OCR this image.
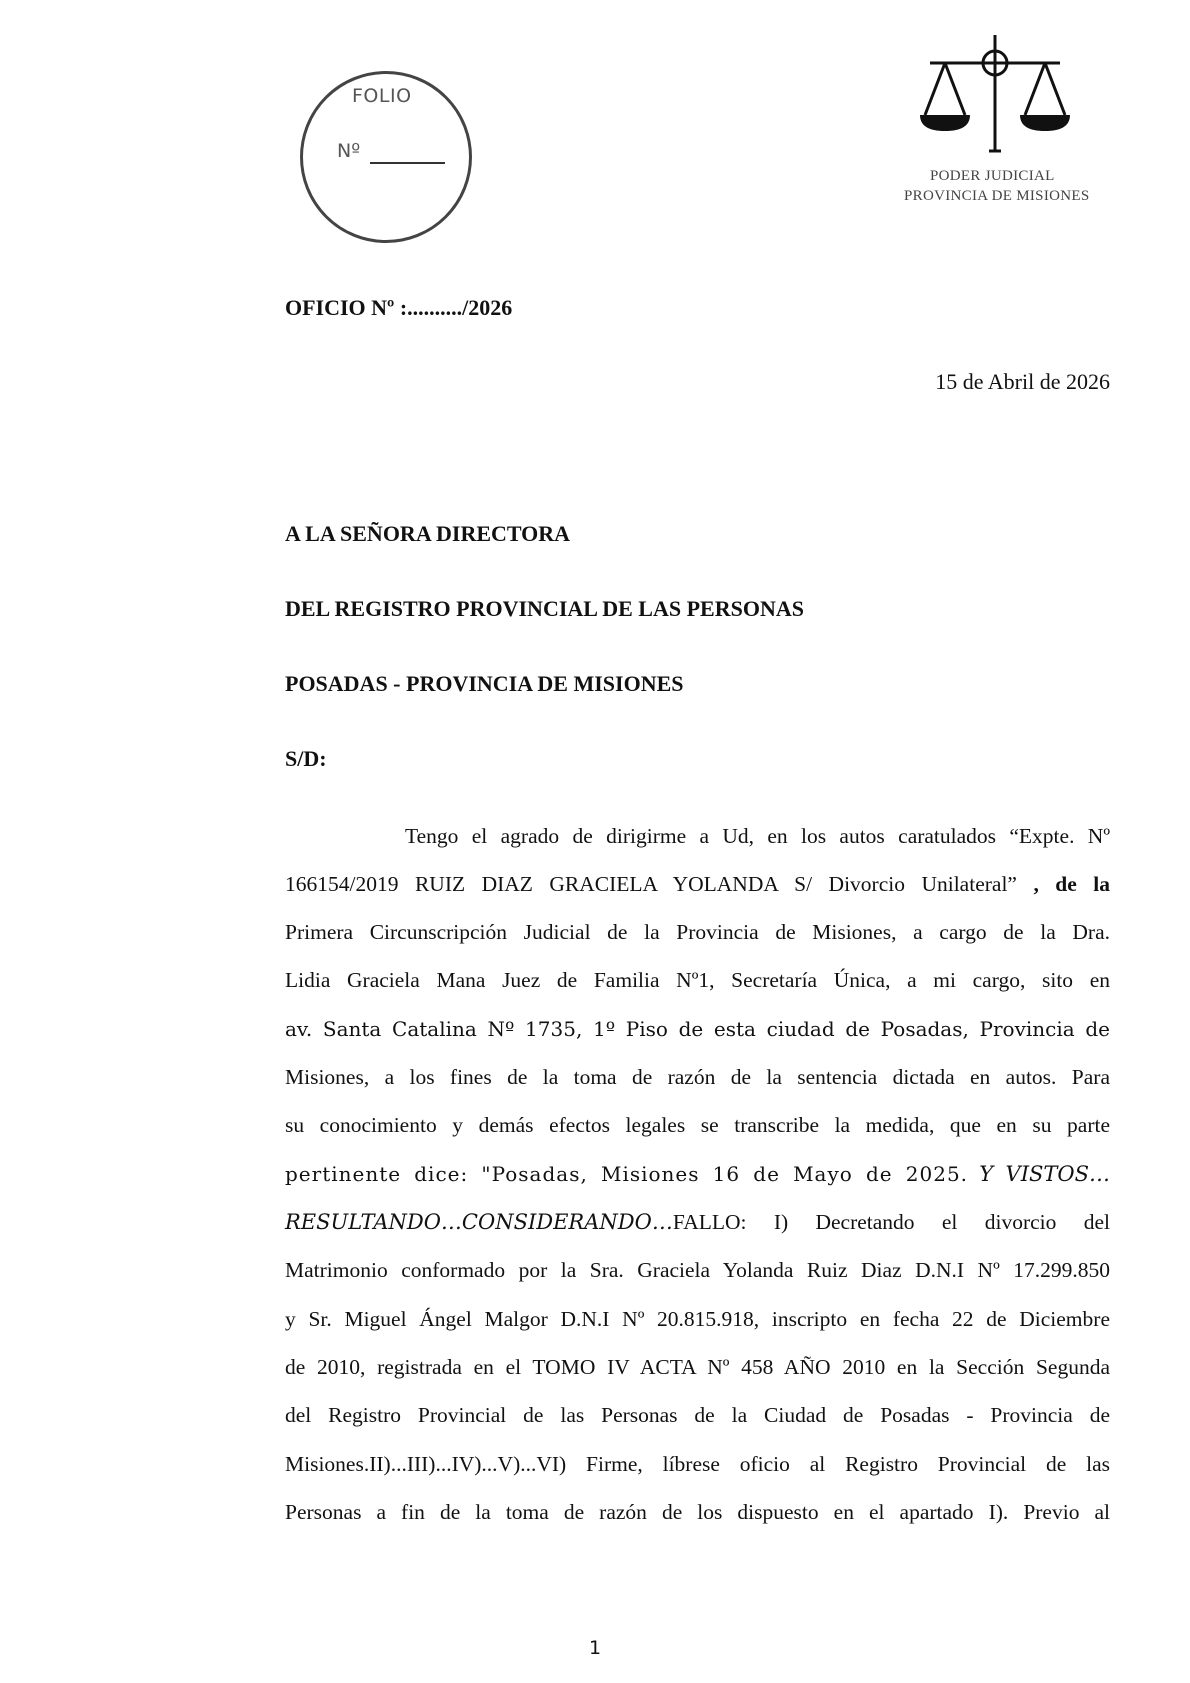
FOLIO
Nº
PODER JUDICIAL
PROVINCIA DE MISIONES
OFICIO Nº :........../2026
15 de Abril de 2026
A LA SEÑORA DIRECTORA
DEL REGISTRO PROVINCIAL DE LAS PERSONAS
POSADAS - PROVINCIA DE MISIONES
S/D:
Tengo el agrado de dirigirme a Ud, en los autos caratulados “Expte. Nº
166154/2019 RUIZ DIAZ GRACIELA YOLANDA S/ Divorcio Unilateral” , de la
Primera Circunscripción Judicial de la Provincia de Misiones, a cargo de la Dra.
Lidia Graciela Mana Juez de Familia Nº1, Secretaría Única, a mi cargo, sito en
av. Santa Catalina Nº 1735, 1º Piso de esta ciudad de Posadas, Provincia de
Misiones, a los fines de la toma de razón de la sentencia dictada en autos. Para
su conocimiento y demás efectos legales se transcribe la medida, que en su parte
pertinente dice: "Posadas, Misiones 16 de Mayo de 2025. Y VISTOS…
RESULTANDO…CONSIDERANDO…FALLO: I) Decretando el divorcio del
Matrimonio conformado por la Sra. Graciela Yolanda Ruiz Diaz D.N.I Nº 17.299.850
y Sr. Miguel Ángel Malgor D.N.I Nº 20.815.918, inscripto en fecha 22 de Diciembre
de 2010, registrada en el TOMO IV ACTA Nº 458 AÑO 2010 en la Sección Segunda
del Registro Provincial de las Personas de la Ciudad de Posadas - Provincia de
Misiones.II)...III)...IV)...V)...VI) Firme, líbrese oficio al Registro Provincial de las
Personas a fin de la toma de razón de los dispuesto en el apartado I). Previo al
1
